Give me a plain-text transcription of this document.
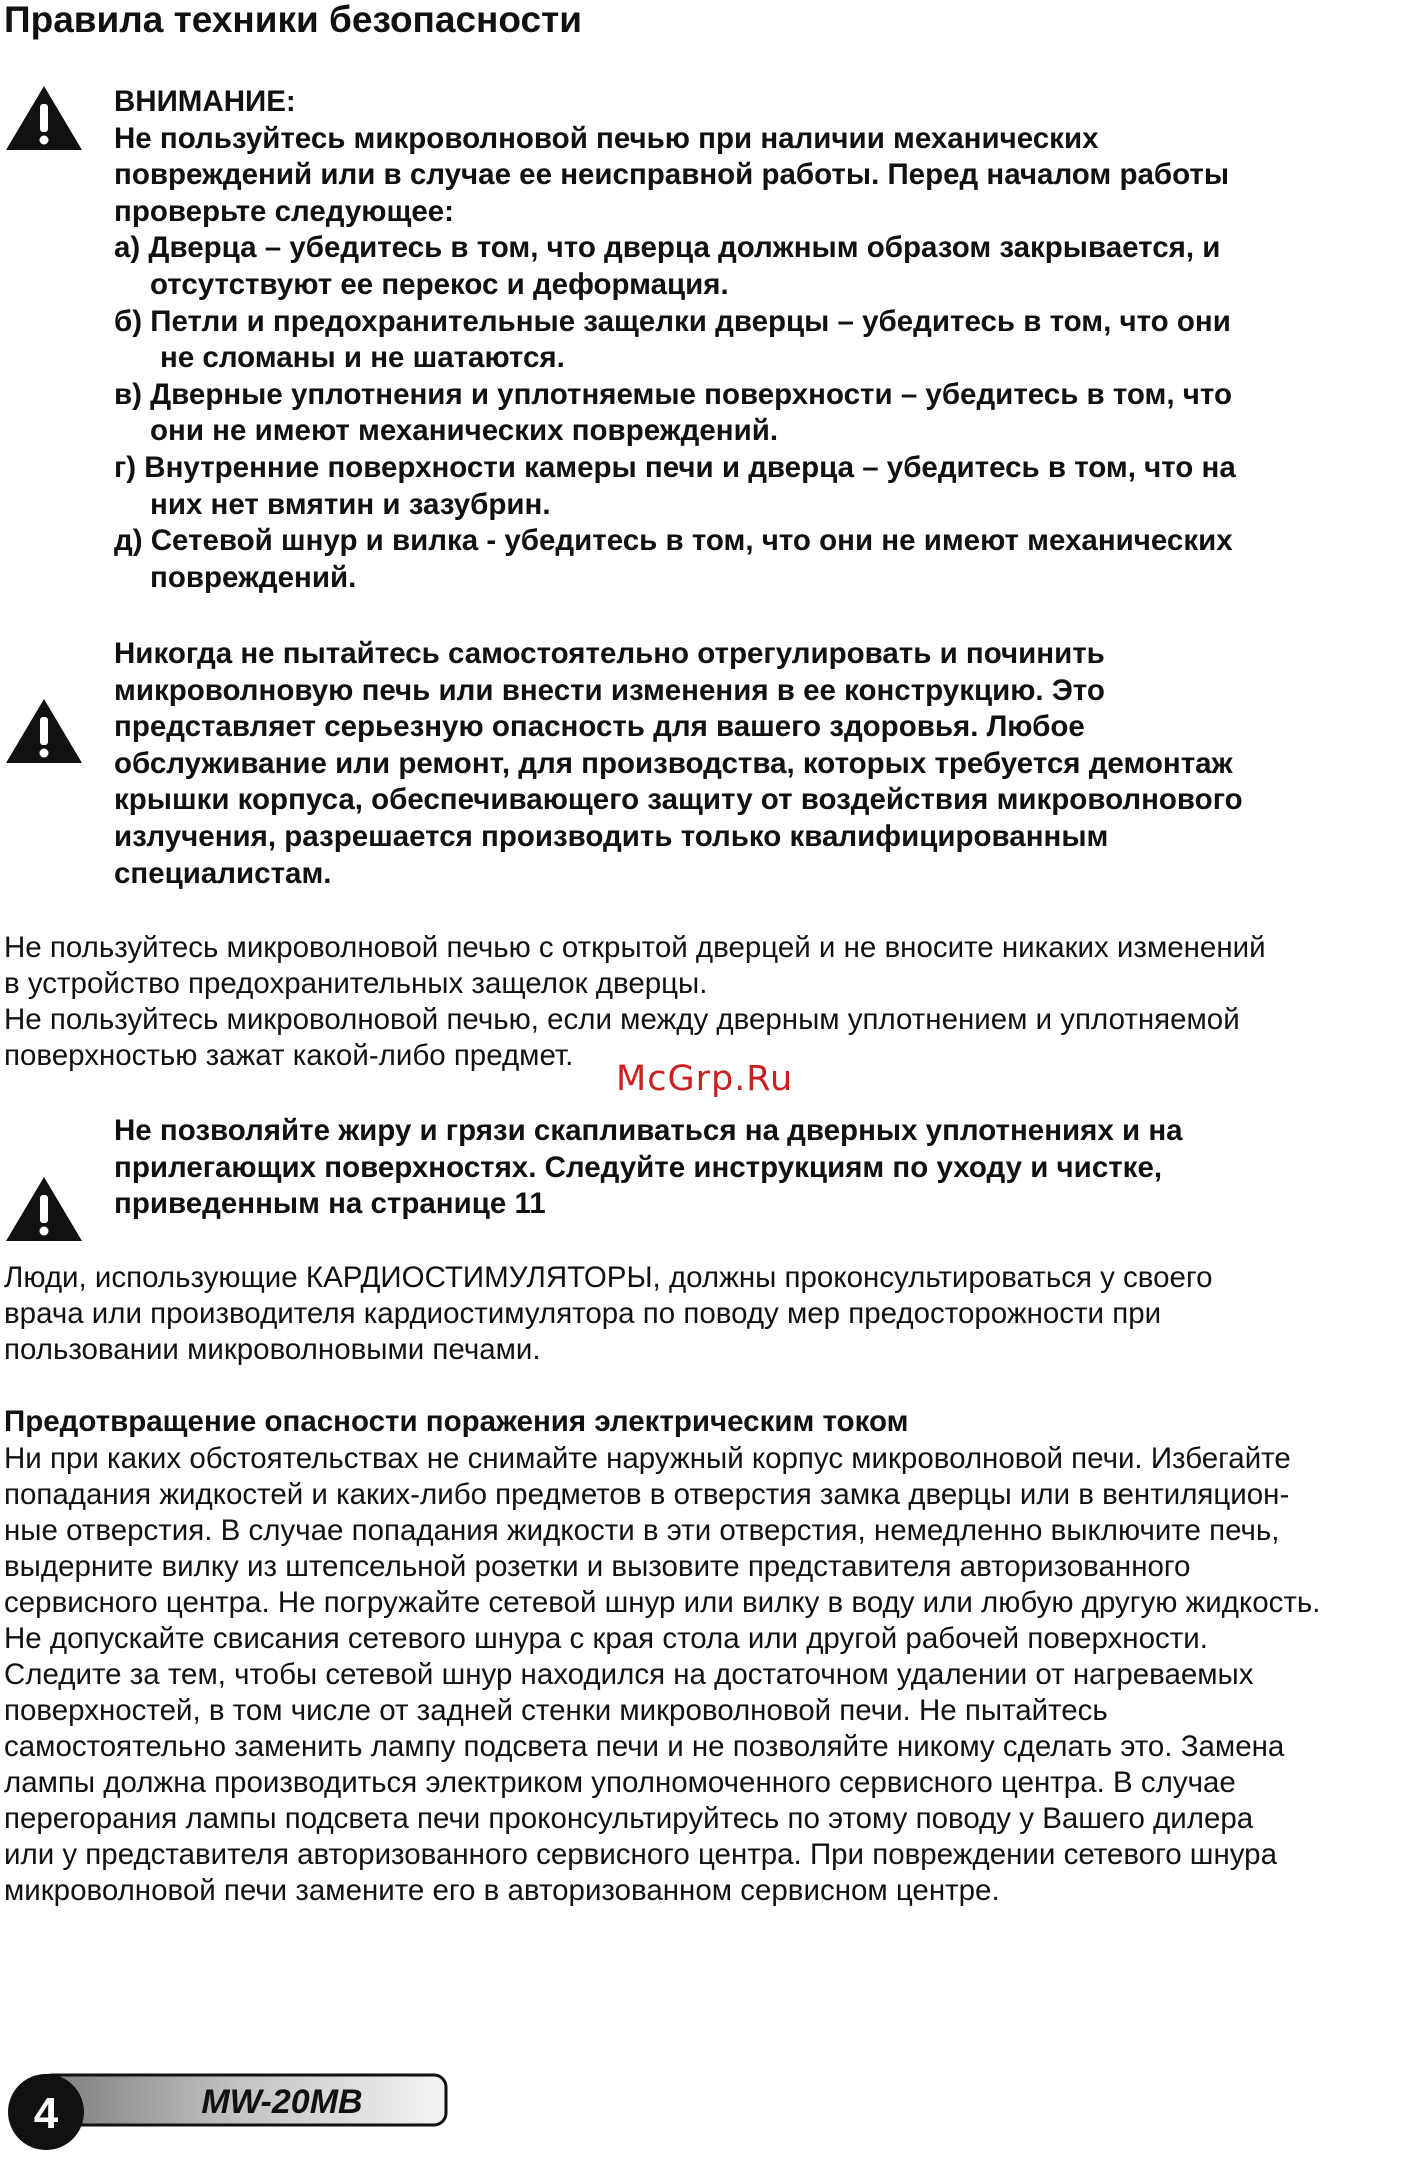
Правила техники безопасности
ВНИМАНИЕ:
Не пользуйтесь микроволновой печью при наличии механических
повреждений или в случае ее неисправной работы. Перед началом работы
проверьте следующее:
а) Дверца – убедитесь в том, что дверца должным образом закрывается, и
отсутствуют ее перекос и деформация.
б) Петли и предохранительные защелки дверцы – убедитесь в том, что они
не сломаны и не шатаются.
в) Дверные уплотнения и уплотняемые поверхности – убедитесь в том, что
они не имеют механических повреждений.
г) Внутренние поверхности камеры печи и дверца – убедитесь в том, что на
них нет вмятин и зазубрин.
д) Сетевой шнур и вилка - убедитесь в том, что они не имеют механических
повреждений.
Никогда не пытайтесь самостоятельно отрегулировать и починить
микроволновую печь или внести изменения в ее конструкцию. Это
представляет серьезную опасность для вашего здоровья. Любое
обслуживание или ремонт, для производства, которых требуется демонтаж
крышки корпуса, обеспечивающего защиту от воздействия микроволнового
излучения, разрешается производить только квалифицированным
специалистам.
Не пользуйтесь микроволновой печью с открытой дверцей и не вносите никаких изменений
в устройство предохранительных защелок дверцы.
Не пользуйтесь микроволновой печью, если между дверным уплотнением и уплотняемой
поверхностью зажат какой-либо предмет.
McGrp.Ru
Не позволяйте жиру и грязи скапливаться на дверных уплотнениях и на
прилегающих поверхностях. Следуйте инструкциям по уходу и чистке,
приведенным на странице 11
Люди, использующие КАРДИОСТИМУЛЯТОРЫ, должны проконсультироваться у своего
врача или производителя кардиостимулятора по поводу мер предосторожности при
пользовании микроволновыми печами.
Предотвращение опасности поражения электрическим током
Ни при каких обстоятельствах не снимайте наружный корпус микроволновой печи. Избегайте
попадания жидкостей и каких-либо предметов в отверстия замка дверцы или в вентиляцион-
ные отверстия. В случае попадания жидкости в эти отверстия, немедленно выключите печь,
выдерните вилку из штепсельной розетки и вызовите представителя авторизованного
сервисного центра. Не погружайте сетевой шнур или вилку в воду или любую другую жидкость.
Не допускайте свисания сетевого шнура с края стола или другой рабочей поверхности.
Следите за тем, чтобы сетевой шнур находился на достаточном удалении от нагреваемых
поверхностей, в том числе от задней стенки микроволновой печи. Не пытайтесь
самостоятельно заменить лампу подсвета печи и не позволяйте никому сделать это. Замена
лампы должна производиться электриком уполномоченного сервисного центра. В случае
перегорания лампы подсвета печи проконсультируйтесь по этому поводу у Вашего дилера
или у представителя авторизованного сервисного центра. При повреждении сетевого шнура
микроволновой печи замените его в авторизованном сервисном центре.
4	MW-20MB
